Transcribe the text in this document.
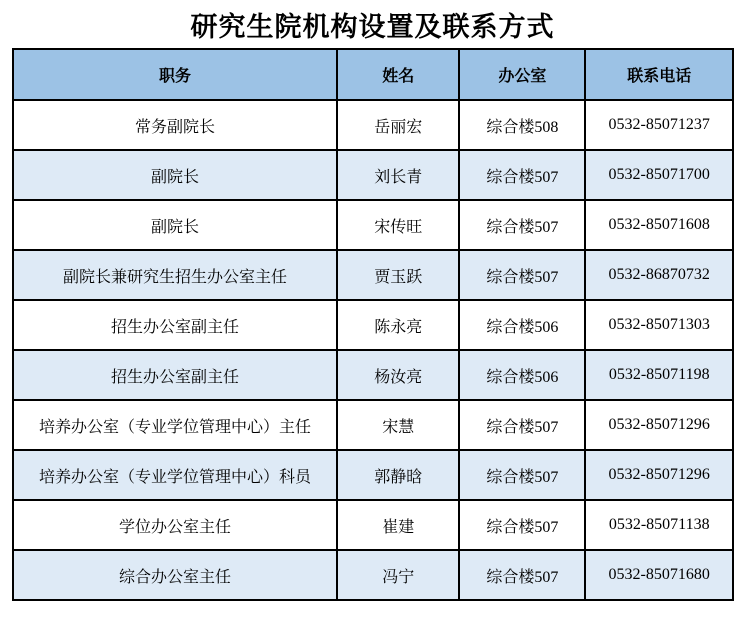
研究生院机构设置及联系方式
职务	姓名	办公室	联系电话
常务副院长	岳丽宏	综合楼508	0532-85071237
副院长	刘长青	综合楼507	0532-85071700
副院长	宋传旺	综合楼507	0532-85071608
副院长兼研究生招生办公室主任	贾玉跃	综合楼507	0532-86870732
招生办公室副主任	陈永亮	综合楼506	0532-85071303
招生办公室副主任	杨汝亮	综合楼506	0532-85071198
培养办公室（专业学位管理中心）主任	宋慧	综合楼507	0532-85071296
培养办公室（专业学位管理中心）科员	郭静晗	综合楼507	0532-85071296
学位办公室主任	崔建	综合楼507	0532-85071138
综合办公室主任	冯宁	综合楼507	0532-85071680
